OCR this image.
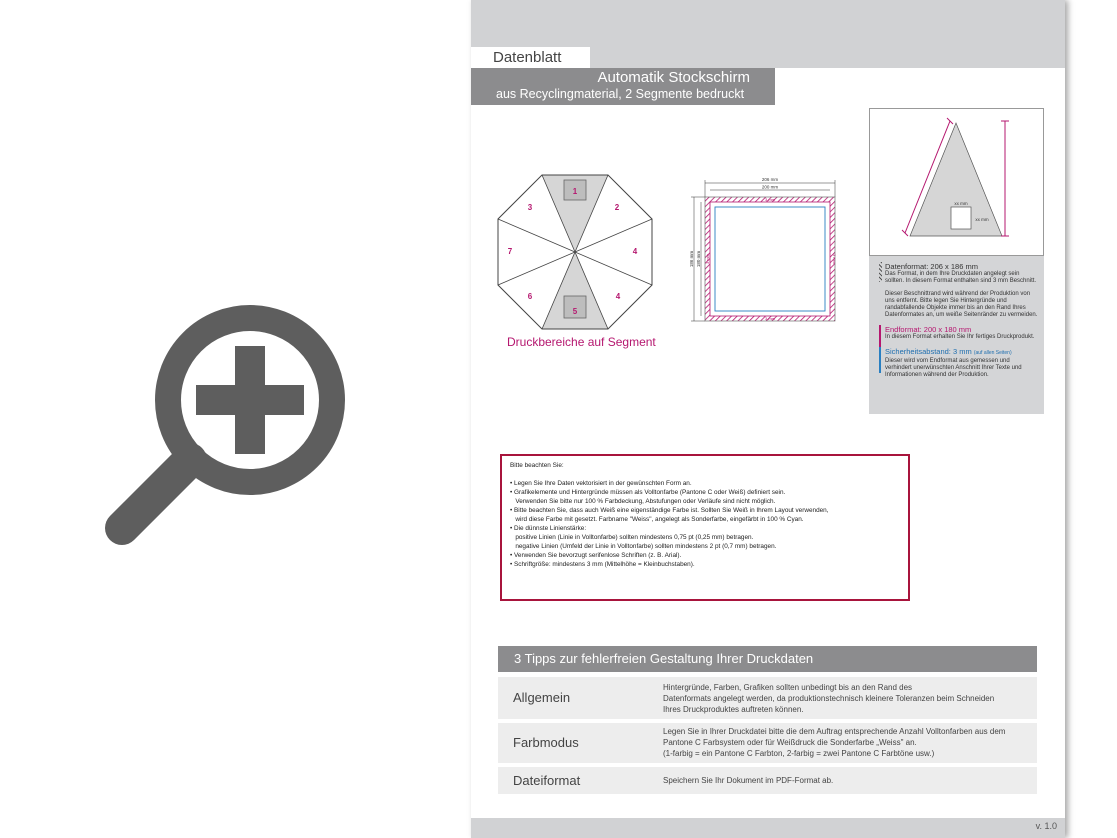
Datenblatt
Automatik Stockschirm
aus Recyclingmaterial, 2 Segmente bedruckt
1
2
3
4
7
4
6
5
Druckbereiche auf Segment
206 mm
200 mm
186 mm 180 mm
3 mm
3 mm
3 mm	3 mm
xx mm
xx mm
Datenformat: 206 x 186 mm
Das Format, in dem Ihre Druckdaten angelegt sein sollten. In diesem Format enthalten sind 3 mm Beschnitt.
Dieser Beschnittrand wird während der Produktion von uns entfernt. Bitte legen Sie Hintergründe und randabfallende Objekte immer bis an den Rand Ihres Datenformates an, um weiße Seitenränder zu vermeiden.
Endformat: 200 x 180 mm
In diesem Format erhalten Sie Ihr fertiges Druckprodukt.
Sicherheitsabstand: 3 mm (auf allen Seiten)
Dieser wird vom Endformat aus gemessen und verhindert unerwünschten Anschnitt Ihrer Texte und Informationen während der Produktion.
Bitte beachten Sie:
• Legen Sie Ihre Daten vektorisiert in der gewünschten Form an.
• Grafikelemente und Hintergründe müssen als Volltonfarbe (Pantone C oder Weiß) definiert sein.
Verwenden Sie bitte nur 100 % Farbdeckung, Abstufungen oder Verläufe sind nicht möglich.
• Bitte beachten Sie, dass auch Weiß eine eigenständige Farbe ist. Sollten Sie Weiß in Ihrem Layout verwenden,
wird diese Farbe mit gesetzt. Farbname "Weiss", angelegt als Sonderfarbe, eingefärbt in 100 % Cyan.
• Die dünnste Linienstärke:
positive Linien (Linie in Volltonfarbe) sollten mindestens 0,75 pt (0,25 mm) betragen.
negative Linien (Umfeld der Linie in Volltonfarbe) sollten mindestens 2 pt (0,7 mm) betragen.
• Verwenden Sie bevorzugt serifenlose Schriften (z. B. Arial).
• Schriftgröße: mindestens 3 mm (Mittelhöhe = Kleinbuchstaben).
3 Tipps zur fehlerfreien Gestaltung Ihrer Druckdaten
Allgemein
Hintergründe, Farben, Grafiken sollten unbedingt bis an den Rand des
Datenformats angelegt werden, da produktionstechnisch kleinere Toleranzen beim Schneiden
Ihres Druckproduktes auftreten können.
Farbmodus
Legen Sie in Ihrer Druckdatei bitte die dem Auftrag entsprechende Anzahl Volltonfarben aus dem
Pantone C Farbsystem oder für Weißdruck die Sonderfarbe „Weiss" an.
(1-farbig = ein Pantone C Farbton, 2-farbig = zwei Pantone C Farbtöne usw.)
Dateiformat	Speichern Sie Ihr Dokument im PDF-Format ab.
v. 1.0
